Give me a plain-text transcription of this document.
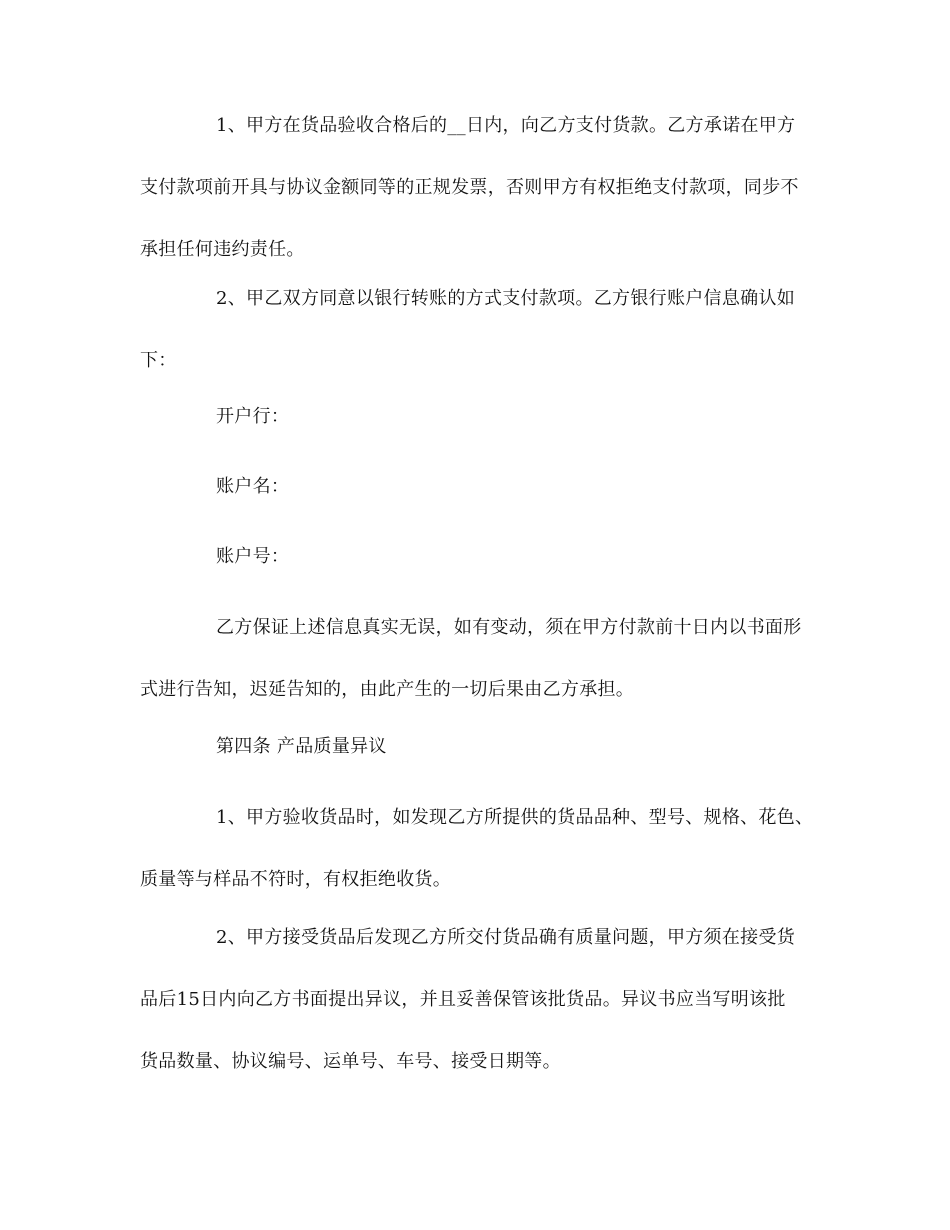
1、甲方在货品验收合格后的__日内，向乙方支付货款。乙方承诺在甲方
支付款项前开具与协议金额同等的正规发票，否则甲方有权拒绝支付款项，同步不
承担任何违约责任。

2、甲乙双方同意以银行转账的方式支付款项。乙方银行账户信息确认如
下：

开户行：

账户名：

账户号：

乙方保证上述信息真实无误，如有变动，须在甲方付款前十日内以书面形
式进行告知，迟延告知的，由此产生的一切后果由乙方承担。

第四条 产品质量异议

1、甲方验收货品时，如发现乙方所提供的货品品种、型号、规格、花色、
质量等与样品不符时，有权拒绝收货。

2、甲方接受货品后发现乙方所交付货品确有质量问题，甲方须在接受货
品后15日内向乙方书面提出异议，并且妥善保管该批货品。异议书应当写明该批
货品数量、协议编号、运单号、车号、接受日期等。
